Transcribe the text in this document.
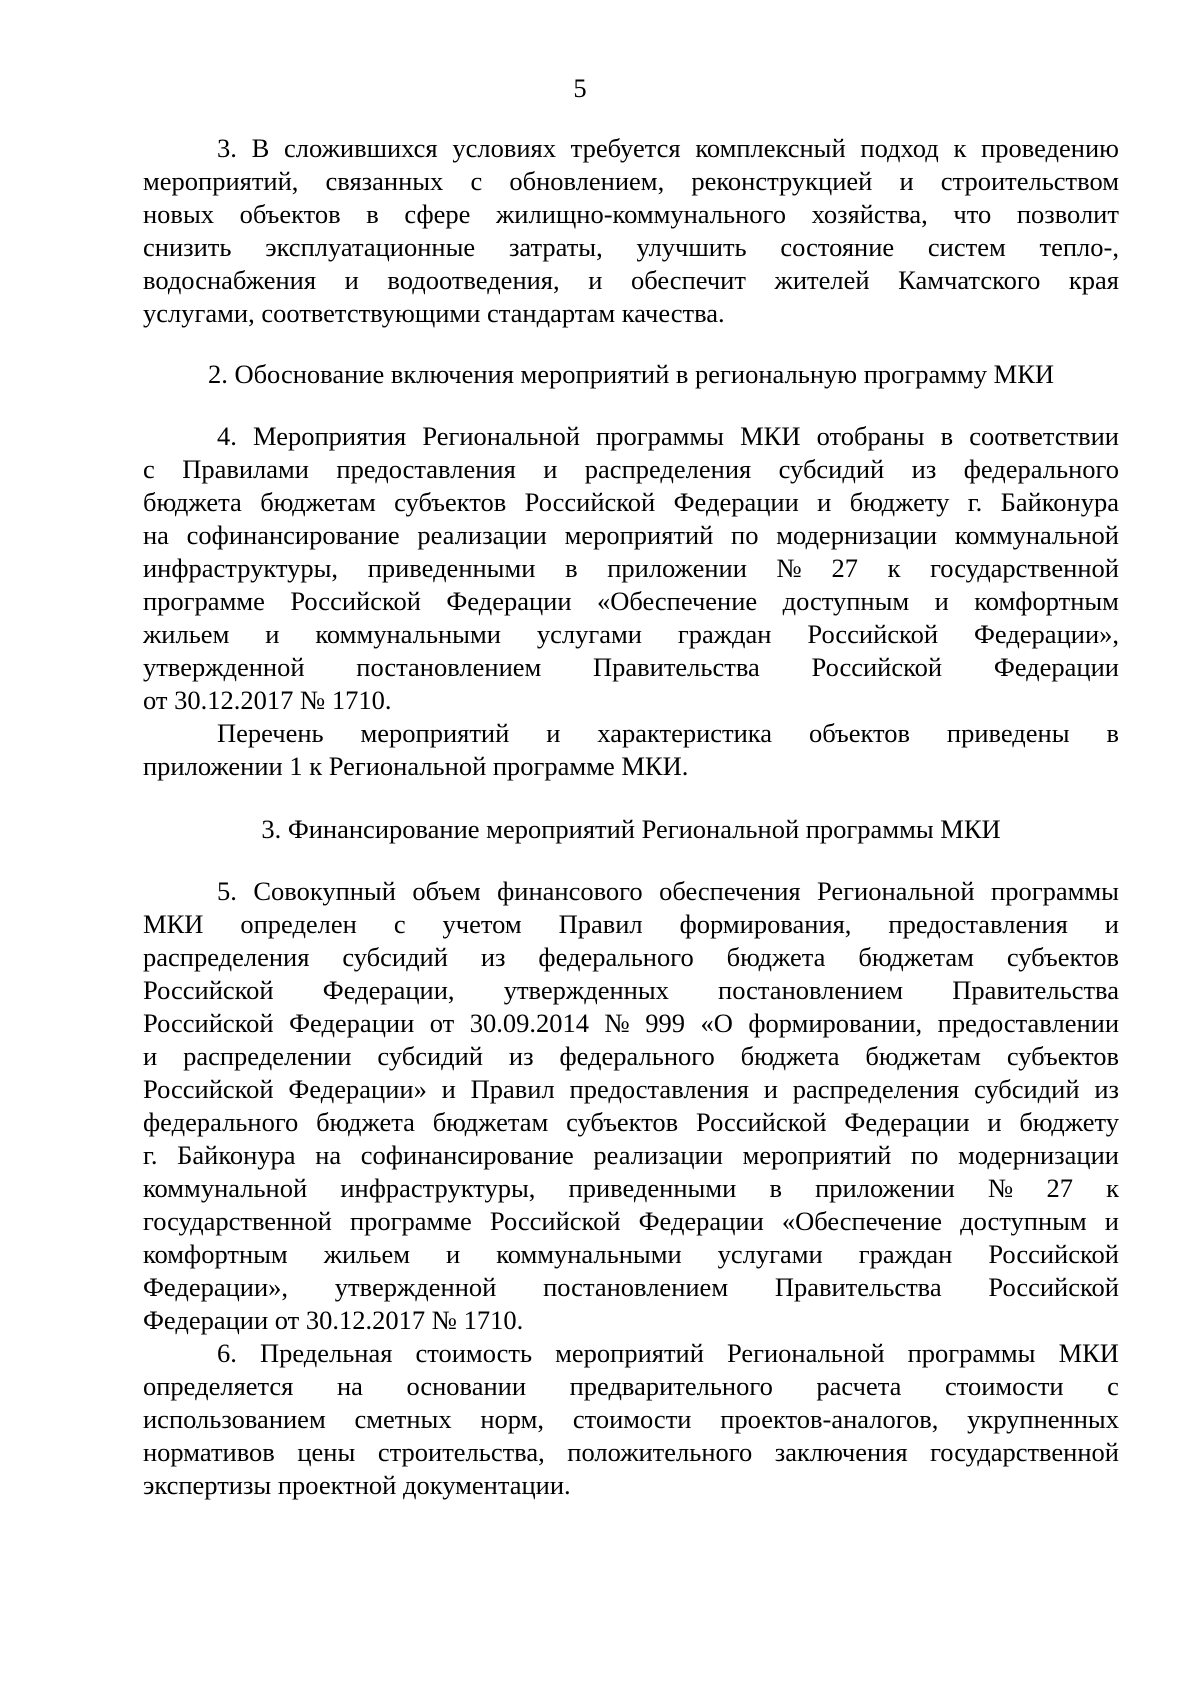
5
3. В сложившихся условиях требуется комплексный подход к проведению
мероприятий, связанных с обновлением, реконструкцией и строительством
новых объектов в сфере жилищно-коммунального хозяйства, что позволит
снизить эксплуатационные затраты, улучшить состояние систем тепло-,
водоснабжения и водоотведения, и обеспечит жителей Камчатского края
услугами, соответствующими стандартам качества.
2. Обоснование включения мероприятий в региональную программу МКИ
4. Мероприятия Региональной программы МКИ отобраны в соответствии
с Правилами предоставления и распределения субсидий из федерального
бюджета бюджетам субъектов Российской Федерации и бюджету г. Байконура
на софинансирование реализации мероприятий по модернизации коммунальной
инфраструктуры, приведенными в приложении № 27 к государственной
программе Российской Федерации «Обеспечение доступным и комфортным
жильем и коммунальными услугами граждан Российской Федерации»,
утвержденной постановлением Правительства Российской Федерации
от 30.12.2017 № 1710.
Перечень мероприятий и характеристика объектов приведены в
приложении 1 к Региональной программе МКИ.
3. Финансирование мероприятий Региональной программы МКИ
5. Совокупный объем финансового обеспечения Региональной программы
МКИ определен с учетом Правил формирования, предоставления и
распределения субсидий из федерального бюджета бюджетам субъектов
Российской Федерации, утвержденных постановлением Правительства
Российской Федерации от 30.09.2014 № 999 «О формировании, предоставлении
и распределении субсидий из федерального бюджета бюджетам субъектов
Российской Федерации» и Правил предоставления и распределения субсидий из
федерального бюджета бюджетам субъектов Российской Федерации и бюджету
г. Байконура на софинансирование реализации мероприятий по модернизации
коммунальной инфраструктуры, приведенными в приложении № 27 к
государственной программе Российской Федерации «Обеспечение доступным и
комфортным жильем и коммунальными услугами граждан Российской
Федерации», утвержденной постановлением Правительства Российской
Федерации от 30.12.2017 № 1710.
6. Предельная стоимость мероприятий Региональной программы МКИ
определяется на основании предварительного расчета стоимости с
использованием сметных норм, стоимости проектов-аналогов, укрупненных
нормативов цены строительства, положительного заключения государственной
экспертизы проектной документации.
